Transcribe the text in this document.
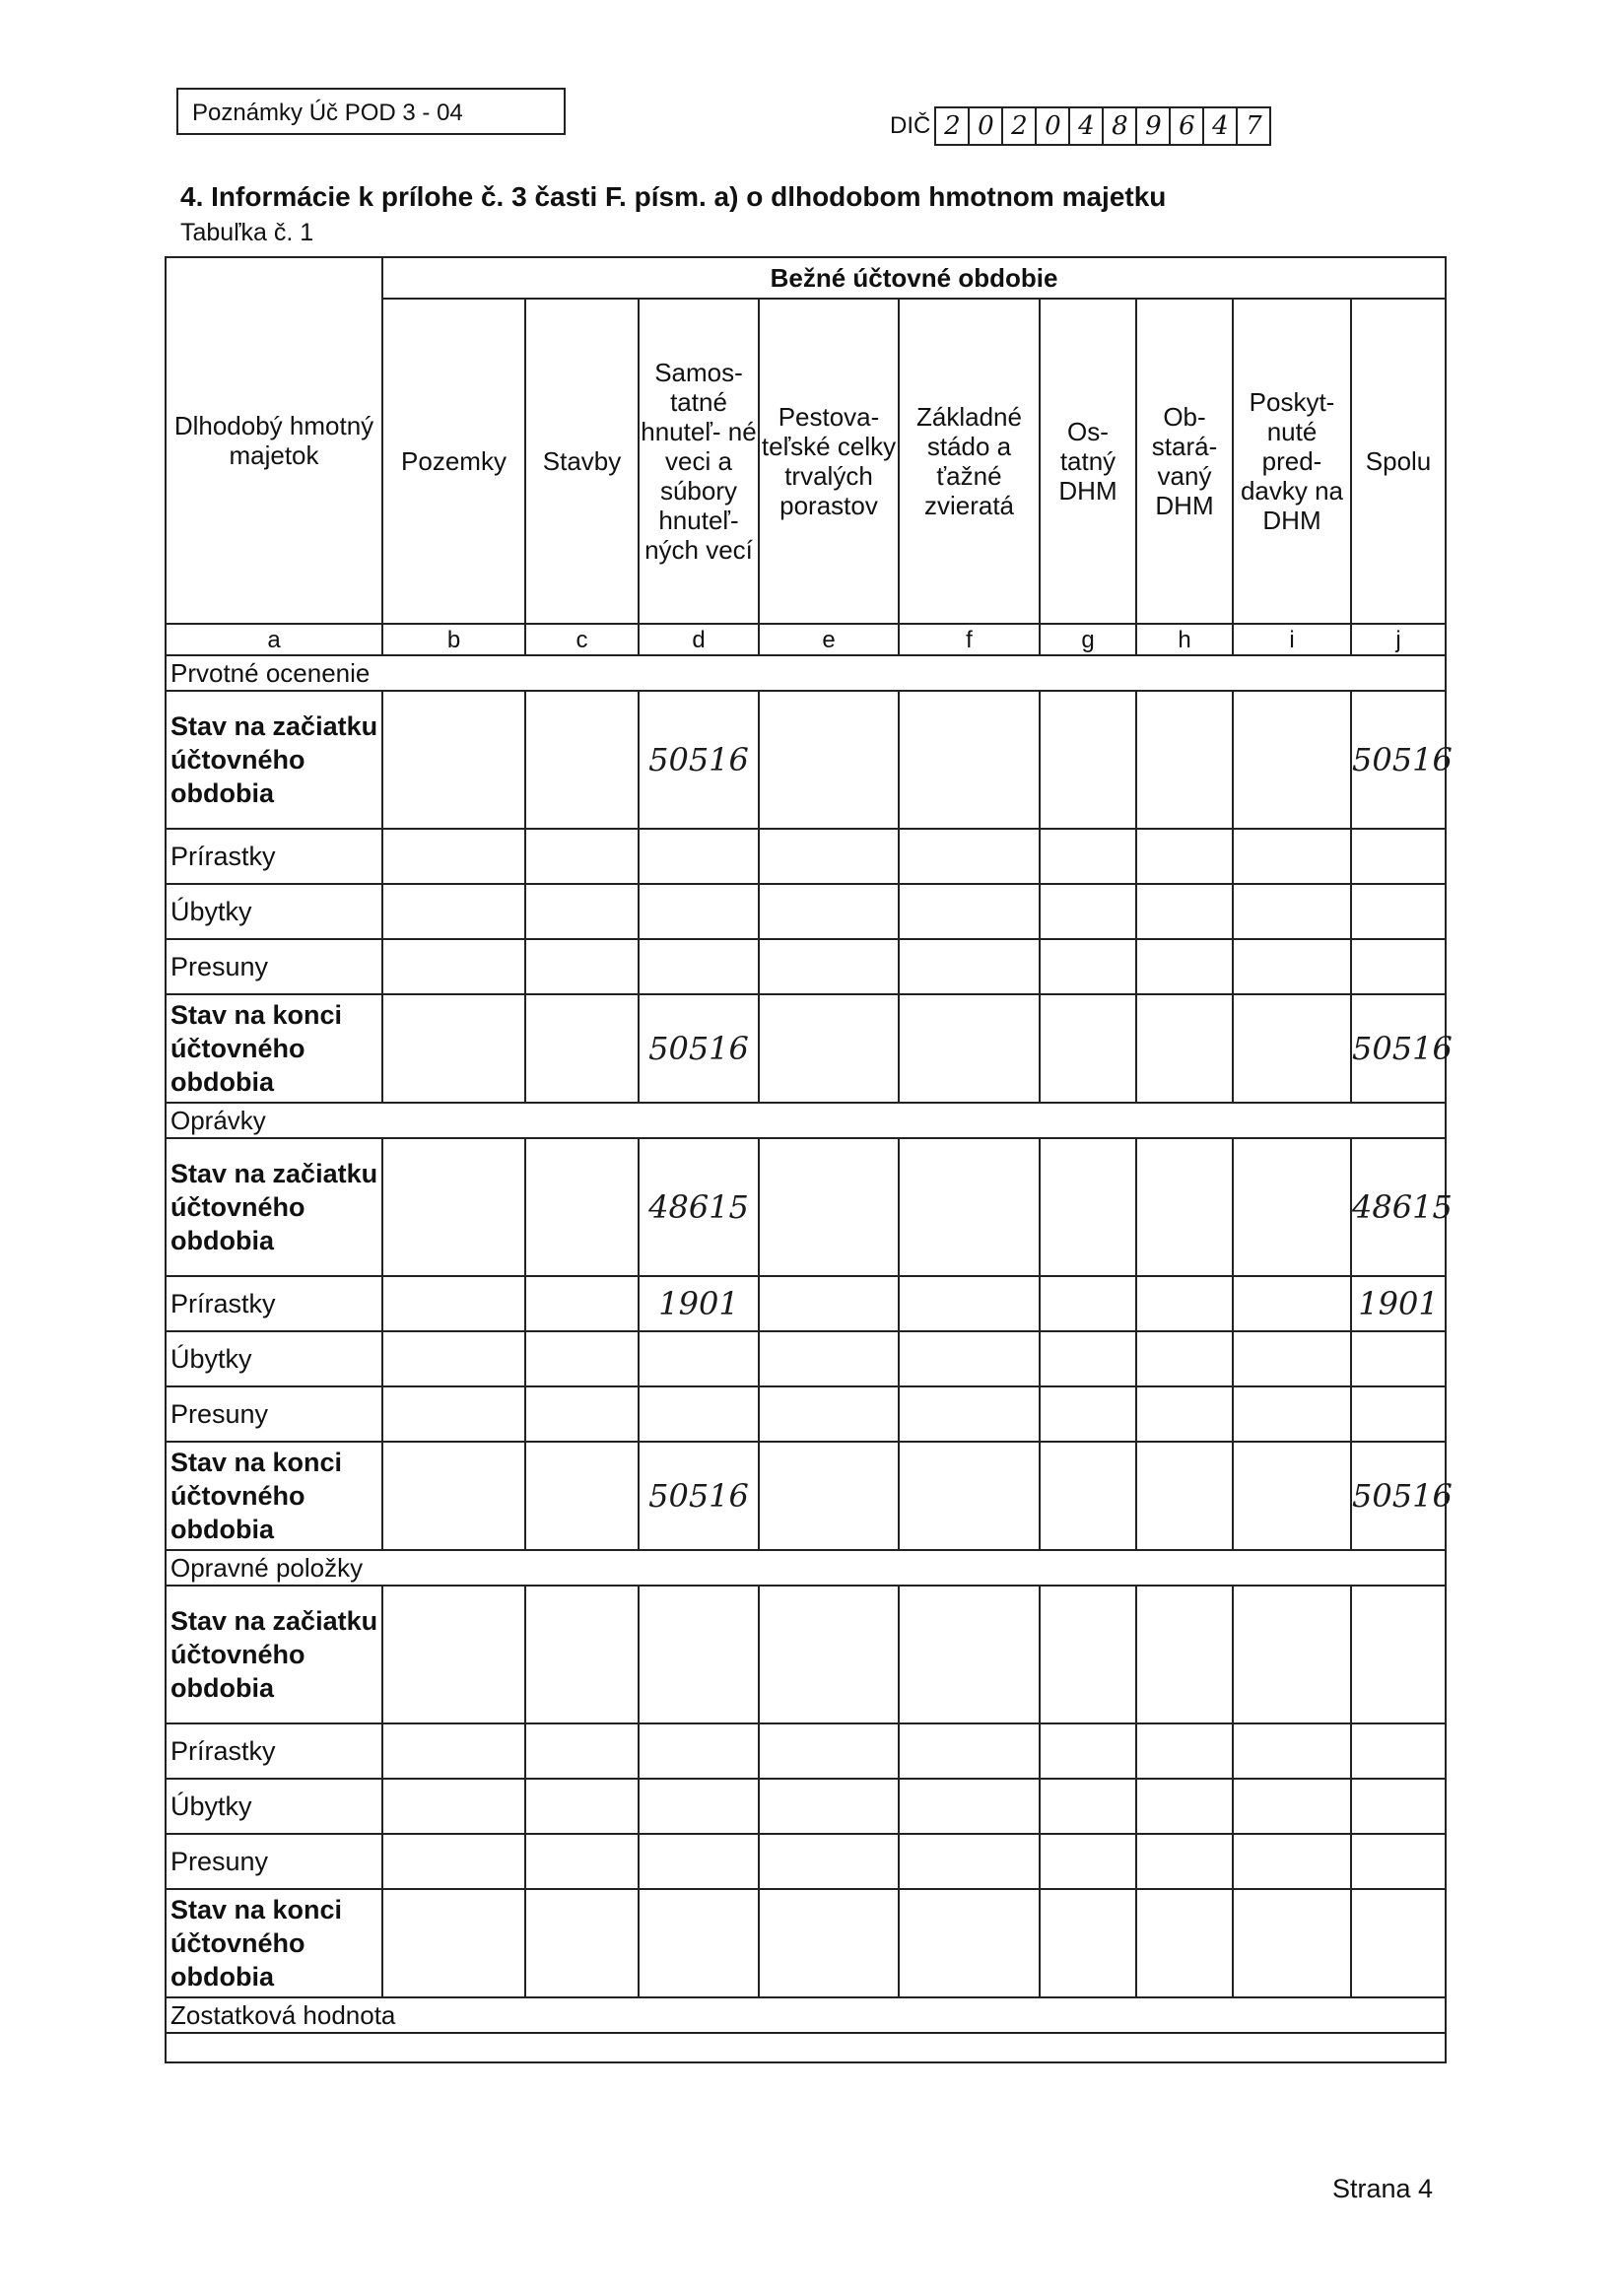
Poznámky Úč POD 3 - 04	DIČ 2 0 2 0 4 8 9 6 4 7
4. Informácie k prílohe č. 3 časti F. písm. a) o dlhodobom hmotnom majetku
Tabuľka č. 1
Dlhodobý hmotný majetok	Bežné účtovné obdobie								
	Pozemky	Stavby	Samos- tatné hnuteľ- né veci a súbory hnuteľ- ných vecí	Pestova- teľské celky trvalých porastov	Základné stádo a ťažné zvieratá	Os- tatný DHM	Ob- stará- vaný DHM	Poskyt- nuté pred- davky na DHM	Spolu
a	b	c	d	e	f	g	h	i	j
Prvotné ocenenie									
Stav na začiatku účtovného obdobia			50516						50516
Prírastky									
Úbytky									
Presuny									
Stav na konci účtovného obdobia			50516						50516
Oprávky									
Stav na začiatku účtovného obdobia			48615						48615
Prírastky			1901						1901
Úbytky									
Presuny									
Stav na konci účtovného obdobia			50516						50516
Opravné položky									
Stav na začiatku účtovného obdobia									
Prírastky									
Úbytky									
Presuny									
Stav na konci účtovného obdobia									
Zostatková hodnota									

Strana 4
